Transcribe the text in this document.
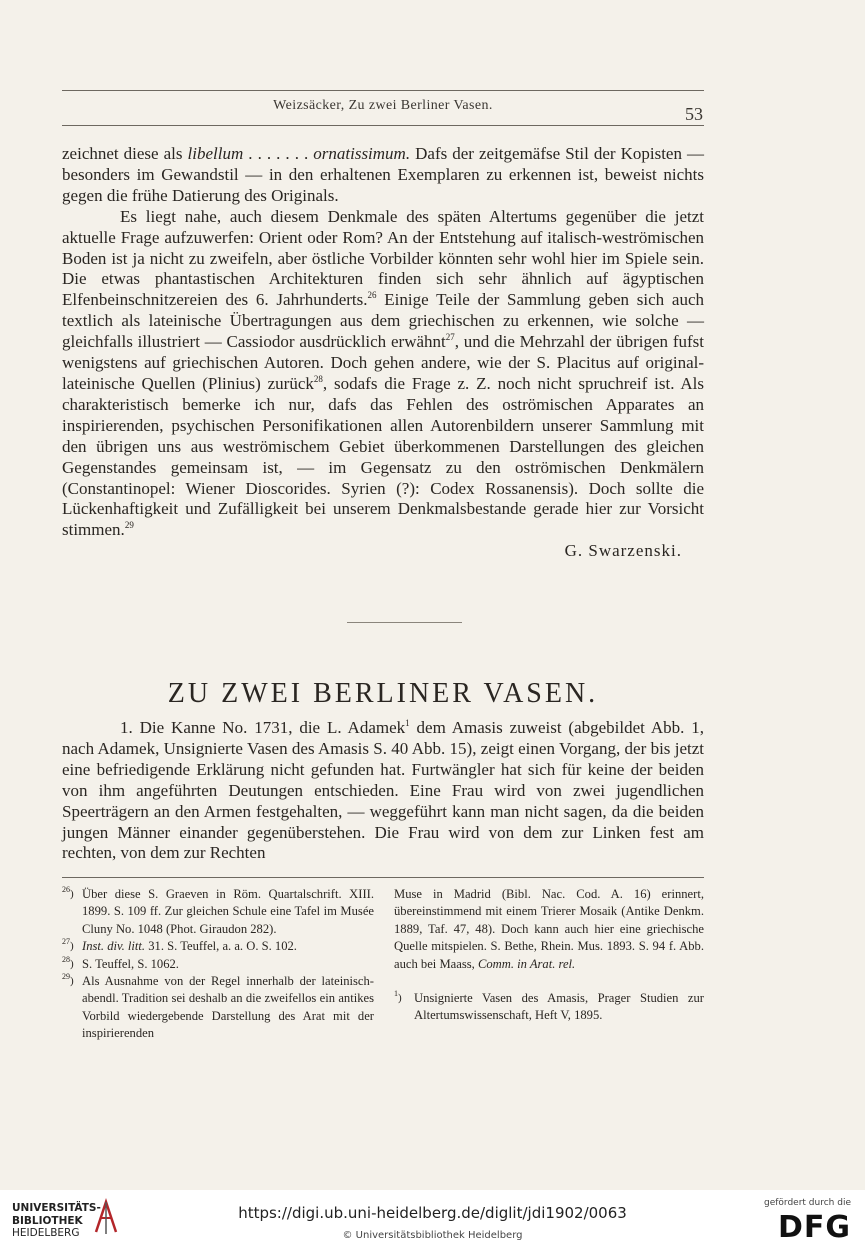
Weizsäcker, Zu zwei Berliner Vasen.	53

zeichnet diese als libellum . . . . . . . ornatissimum. Dafs der zeitgemäfse Stil der Kopisten — besonders im Gewandstil — in den erhaltenen Exemplaren zu erkennen ist, beweist nichts gegen die frühe Datierung des Originals.

Es liegt nahe, auch diesem Denkmale des späten Altertums gegenüber die jetzt aktuelle Frage aufzuwerfen: Orient oder Rom? An der Entstehung auf italisch-weströmischen Boden ist ja nicht zu zweifeln, aber östliche Vorbilder könnten sehr wohl hier im Spiele sein. Die etwas phantastischen Architekturen finden sich sehr ähnlich auf ägyptischen Elfenbeinschnitzereien des 6. Jahrhunderts.$^{26}$ Einige Teile der Sammlung geben sich auch textlich als lateinische Übertragungen aus dem griechischen zu erkennen, wie solche — gleichfalls illustriert — Cassiodor ausdrücklich erwähnt$^{27}$, und die Mehrzahl der übrigen fufst wenigstens auf griechischen Autoren. Doch gehen andere, wie der S. Placitus auf original-lateinische Quellen (Plinius) zurück$^{28}$, sodafs die Frage z. Z. noch nicht spruchreif ist. Als charakteristisch bemerke ich nur, dafs das Fehlen des oströmischen Apparates an inspirierenden, psychischen Personifikationen allen Autorenbildern unserer Sammlung mit den übrigen uns aus weströmischem Gebiet überkommenen Darstellungen des gleichen Gegenstandes gemeinsam ist, — im Gegensatz zu den oströmischen Denkmälern (Constantinopel: Wiener Dioscorides. Syrien (?): Codex Rossanensis). Doch sollte die Lückenhaftigkeit und Zufälligkeit bei unserem Denkmalsbestande gerade hier zur Vorsicht stimmen.$^{29}$

G. Swarzenski.

ZU ZWEI BERLINER VASEN.

1. Die Kanne No. 1731, die L. Adamek$^1$ dem Amasis zuweist (abgebildet Abb. 1, nach Adamek, Unsignierte Vasen des Amasis S. 40 Abb. 15), zeigt einen Vorgang, der bis jetzt eine befriedigende Erklärung nicht gefunden hat. Furtwängler hat sich für keine der beiden von ihm angeführten Deutungen entschieden. Eine Frau wird von zwei jugendlichen Speerträgern an den Armen festgehalten, — weggeführt kann man nicht sagen, da die beiden jungen Männer einander gegenüberstehen. Die Frau wird von dem zur Linken fest am rechten, von dem zur Rechten

$^{26}$) Über diese S. Graeven in Röm. Quartalschrift. XIII. 1899. S. 109 ff. Zur gleichen Schule eine Tafel im Musée Cluny No. 1048 (Phot. Giraudon 282).

$^{27}$) Inst. div. litt. 31. S. Teuffel, a. a. O. S. 102.

$^{28}$) S. Teuffel, S. 1062.

$^{29}$) Als Ausnahme von der Regel innerhalb der lateinisch-abendl. Tradition sei deshalb an die zweifellos ein antikes Vorbild wiedergebende Darstellung des Arat mit der inspirierenden

Muse in Madrid (Bibl. Nac. Cod. A. 16) erinnert, übereinstimmend mit einem Trierer Mosaik (Antike Denkm. 1889, Taf. 47, 48). Doch kann auch hier eine griechische Quelle mitspielen. S. Bethe, Rhein. Mus. 1893. S. 94 f. Abb. auch bei Maass, Comm. in Arat. rel.

$^1$) Unsignierte Vasen des Amasis, Prager Studien zur Altertumswissenschaft, Heft V, 1895.

UNIVERSITÄTS-
BIBLIOTHEK
HEIDELBERG
https://digi.ub.uni-heidelberg.de/diglit/jdi1902/0063
© Universitätsbibliothek Heidelberg
gefördert durch die
DFG
